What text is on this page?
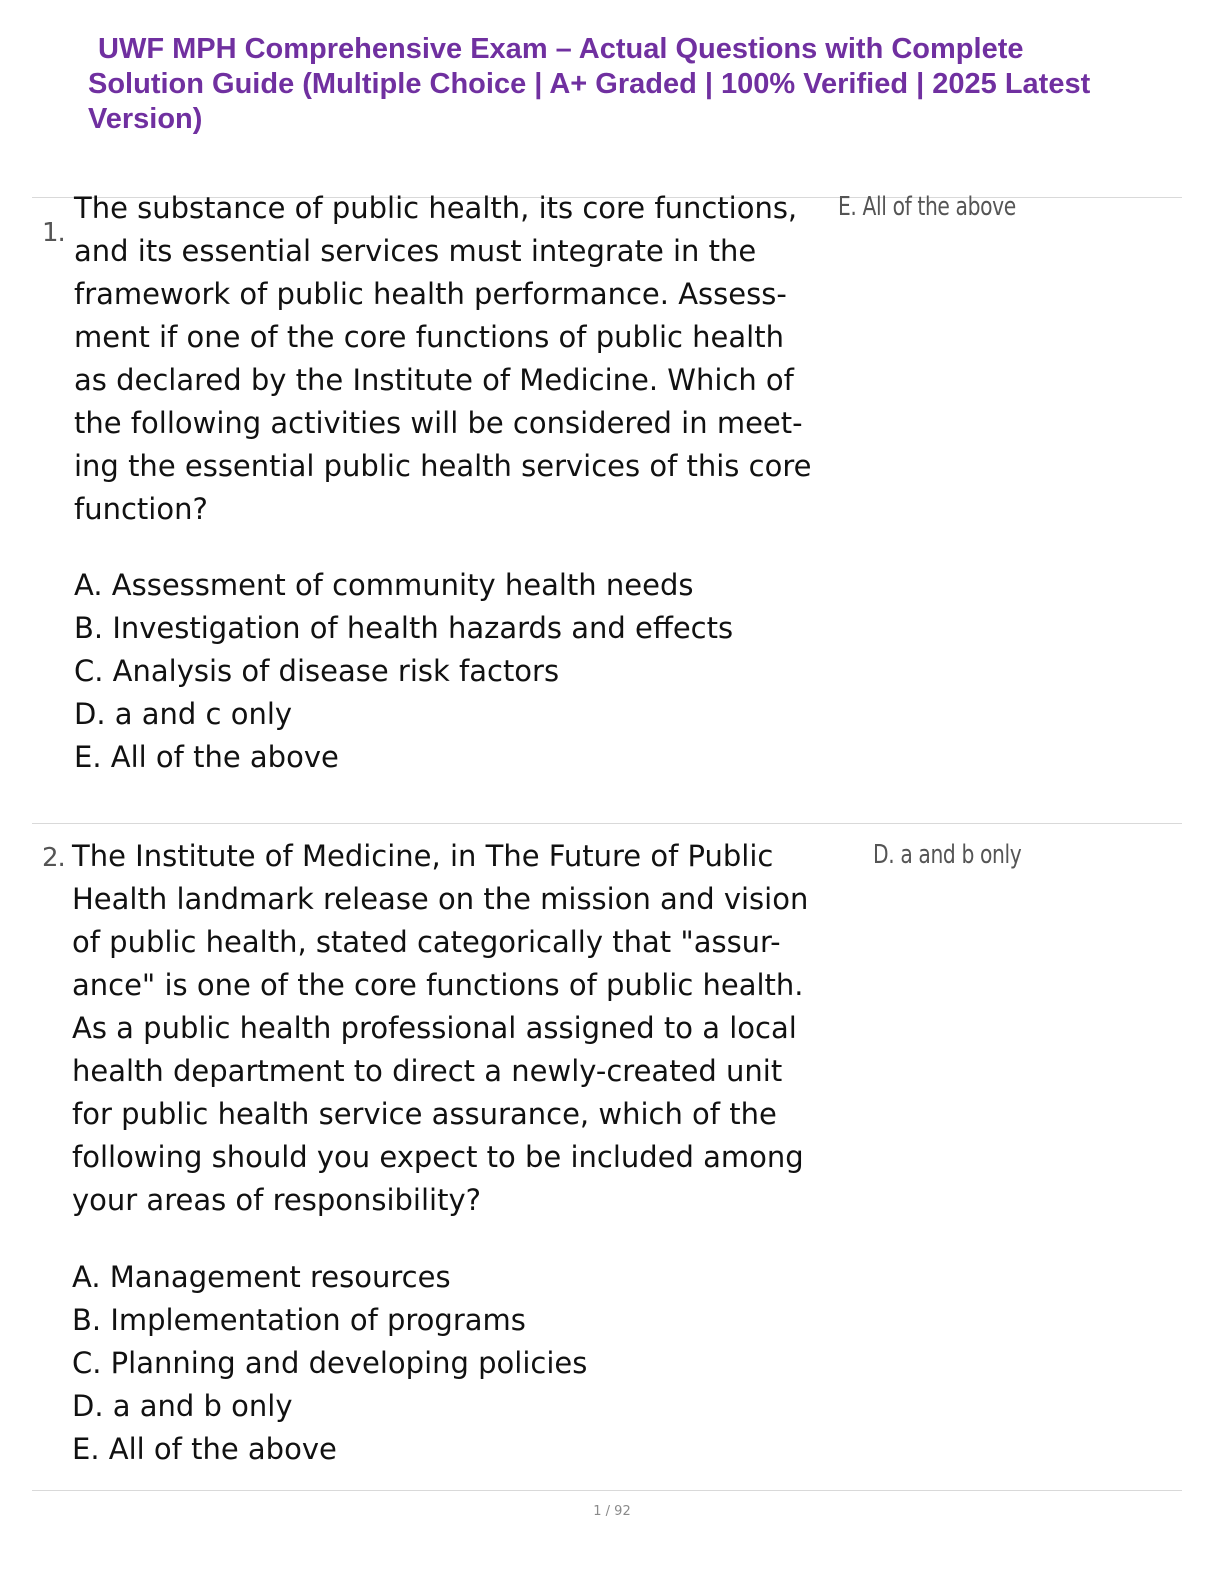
UWF MPH Comprehensive Exam – Actual Questions with Complete
Solution Guide (Multiple Choice | A+ Graded | 100% Verified | 2025 Latest
Version)
1.
The substance of public health, its core functions,
and its essential services must integrate in the
framework of public health performance. Assess-
ment if one of the core functions of public health
as declared by the Institute of Medicine. Which of
the following activities will be considered in meet-
ing the essential public health services of this core
function?
A. Assessment of community health needs
B. Investigation of health hazards and effects
C. Analysis of disease risk factors
D. a and c only
E. All of the above
E. All of the above
2. The Institute of Medicine, in The Future of Public
Health landmark release on the mission and vision
of public health, stated categorically that "assur-
ance" is one of the core functions of public health.
As a public health professional assigned to a local
health department to direct a newly-created unit
for public health service assurance, which of the
following should you expect to be included among
your areas of responsibility?
A. Management resources
B. Implementation of programs
C. Planning and developing policies
D. a and b only
E. All of the above
D. a and b only
1 / 92
